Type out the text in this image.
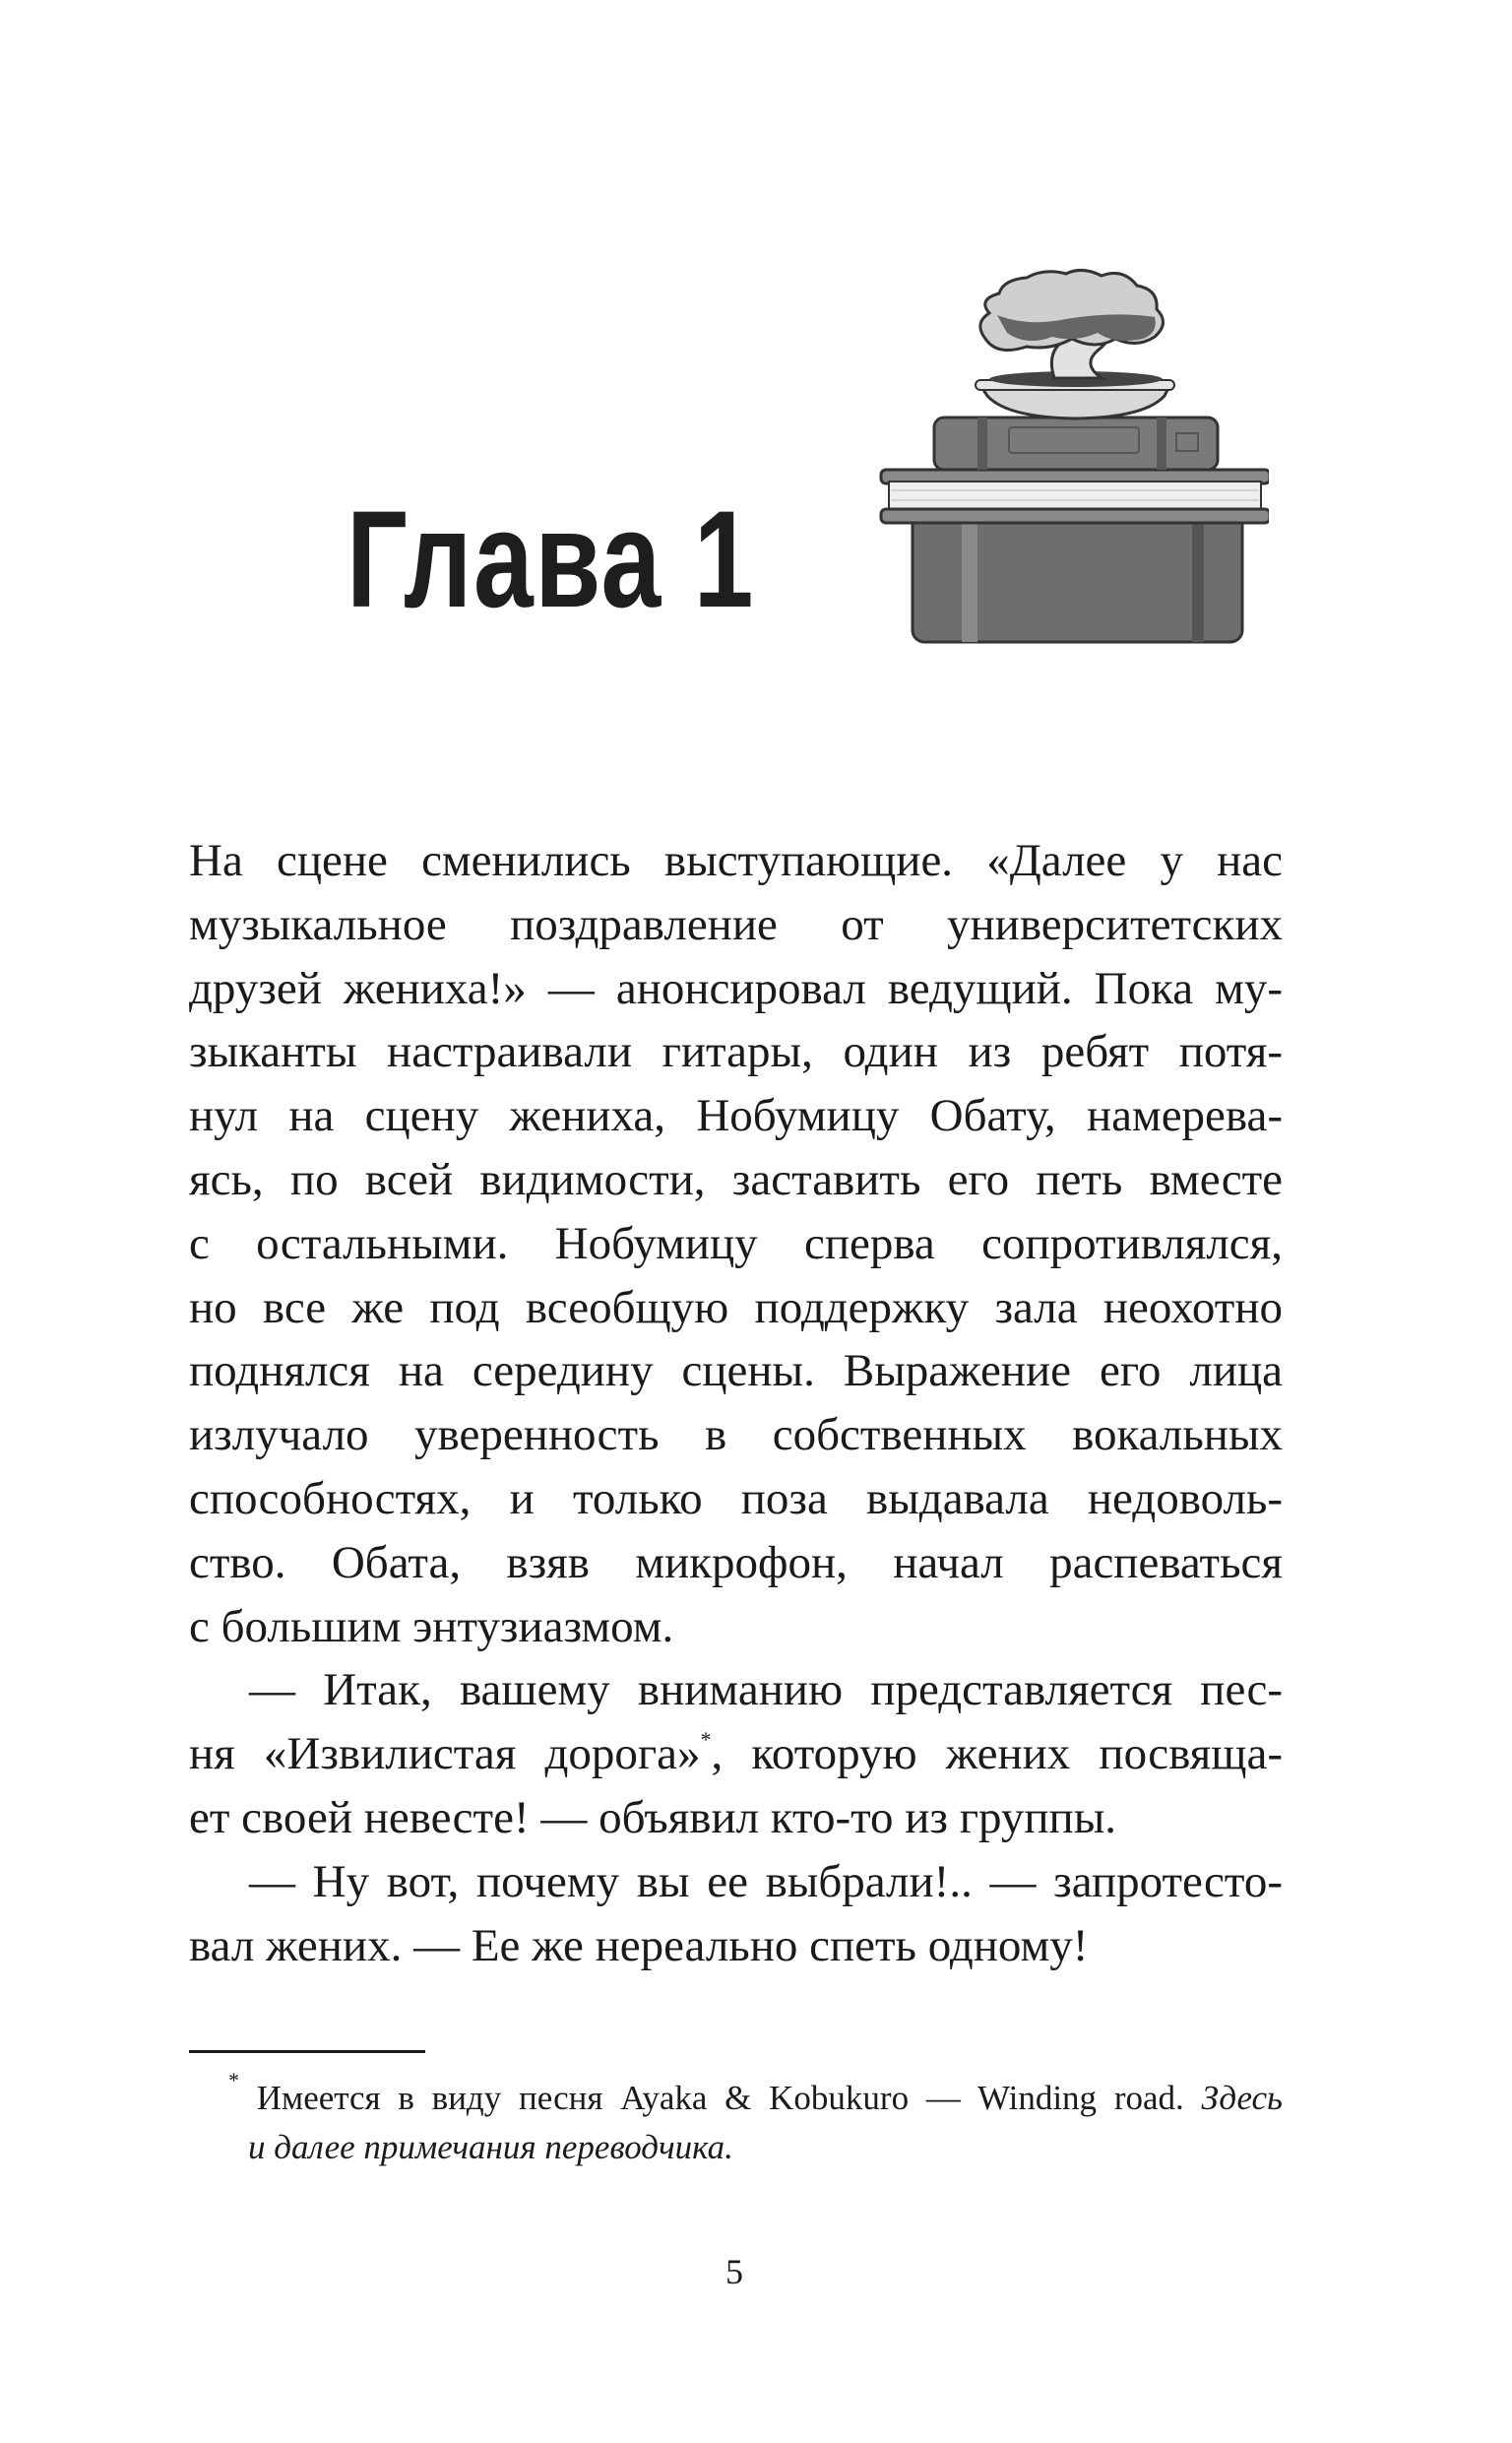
Глава 1
На сцене сменились выступающие. «Далее у нас
музыкальное поздравление от университетских
друзей жениха!» — анонсировал ведущий. Пока му-
зыканты настраивали гитары, один из ребят потя-
нул на сцену жениха, Нобумицу Обату, намерева-
ясь, по всей видимости, заставить его петь вместе
с остальными. Нобумицу сперва сопротивлялся,
но все же под всеобщую поддержку зала неохотно
поднялся на середину сцены. Выражение его лица
излучало уверенность в собственных вокальных
способностях, и только поза выдавала недоволь-
ство. Обата, взяв микрофон, начал распеваться
с большим энтузиазмом.
— Итак, вашему вниманию представляется пес-
ня «Извилистая дорога»*, которую жених посвяща-
ет своей невесте! — объявил кто-то из группы.
— Ну вот, почему вы ее выбрали!.. — запротесто-
вал жених. — Ее же нереально спеть одному!
* Имеется в виду песня Ayaka & Kobukuro — Winding road. Здесь
и далее примечания переводчика.
5
